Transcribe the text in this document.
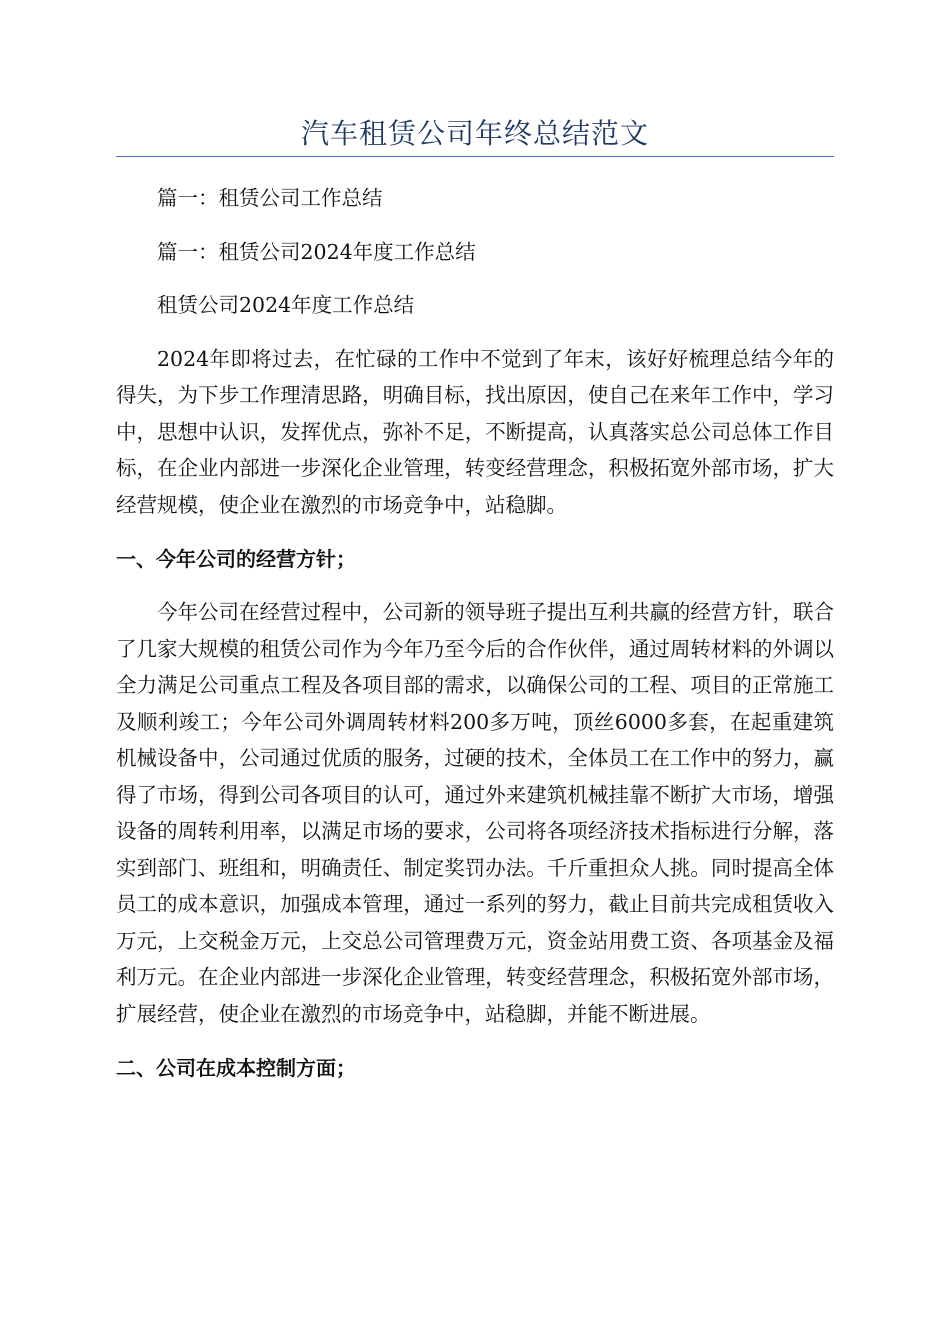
汽车租赁公司年终总结范文

篇一：租赁公司工作总结

篇一：租赁公司2024年度工作总结

租赁公司2024年度工作总结

2024年即将过去，在忙碌的工作中不觉到了年末，该好好梳理总结今年的得失，为下步工作理清思路，明确目标，找出原因，使自己在来年工作中，学习中，思想中认识，发挥优点，弥补不足，不断提高，认真落实总公司总体工作目标，在企业内部进一步深化企业管理，转变经营理念，积极拓宽外部市场，扩大经营规模，使企业在激烈的市场竞争中，站稳脚。

一、今年公司的经营方针；

今年公司在经营过程中，公司新的领导班子提出互利共赢的经营方针，联合了几家大规模的租赁公司作为今年乃至今后的合作伙伴，通过周转材料的外调以全力满足公司重点工程及各项目部的需求，以确保公司的工程、项目的正常施工及顺利竣工；今年公司外调周转材料200多万吨，顶丝6000多套，在起重建筑机械设备中，公司通过优质的服务，过硬的技术，全体员工在工作中的努力，赢得了市场，得到公司各项目的认可，通过外来建筑机械挂靠不断扩大市场，增强设备的周转利用率，以满足市场的要求，公司将各项经济技术指标进行分解，落实到部门、班组和，明确责任、制定奖罚办法。千斤重担众人挑。同时提高全体员工的成本意识，加强成本管理，通过一系列的努力，截止目前共完成租赁收入万元，上交税金万元，上交总公司管理费万元，资金站用费工资、各项基金及福利万元。在企业内部进一步深化企业管理，转变经营理念，积极拓宽外部市场，扩展经营，使企业在激烈的市场竞争中，站稳脚，并能不断进展。

二、公司在成本控制方面；
